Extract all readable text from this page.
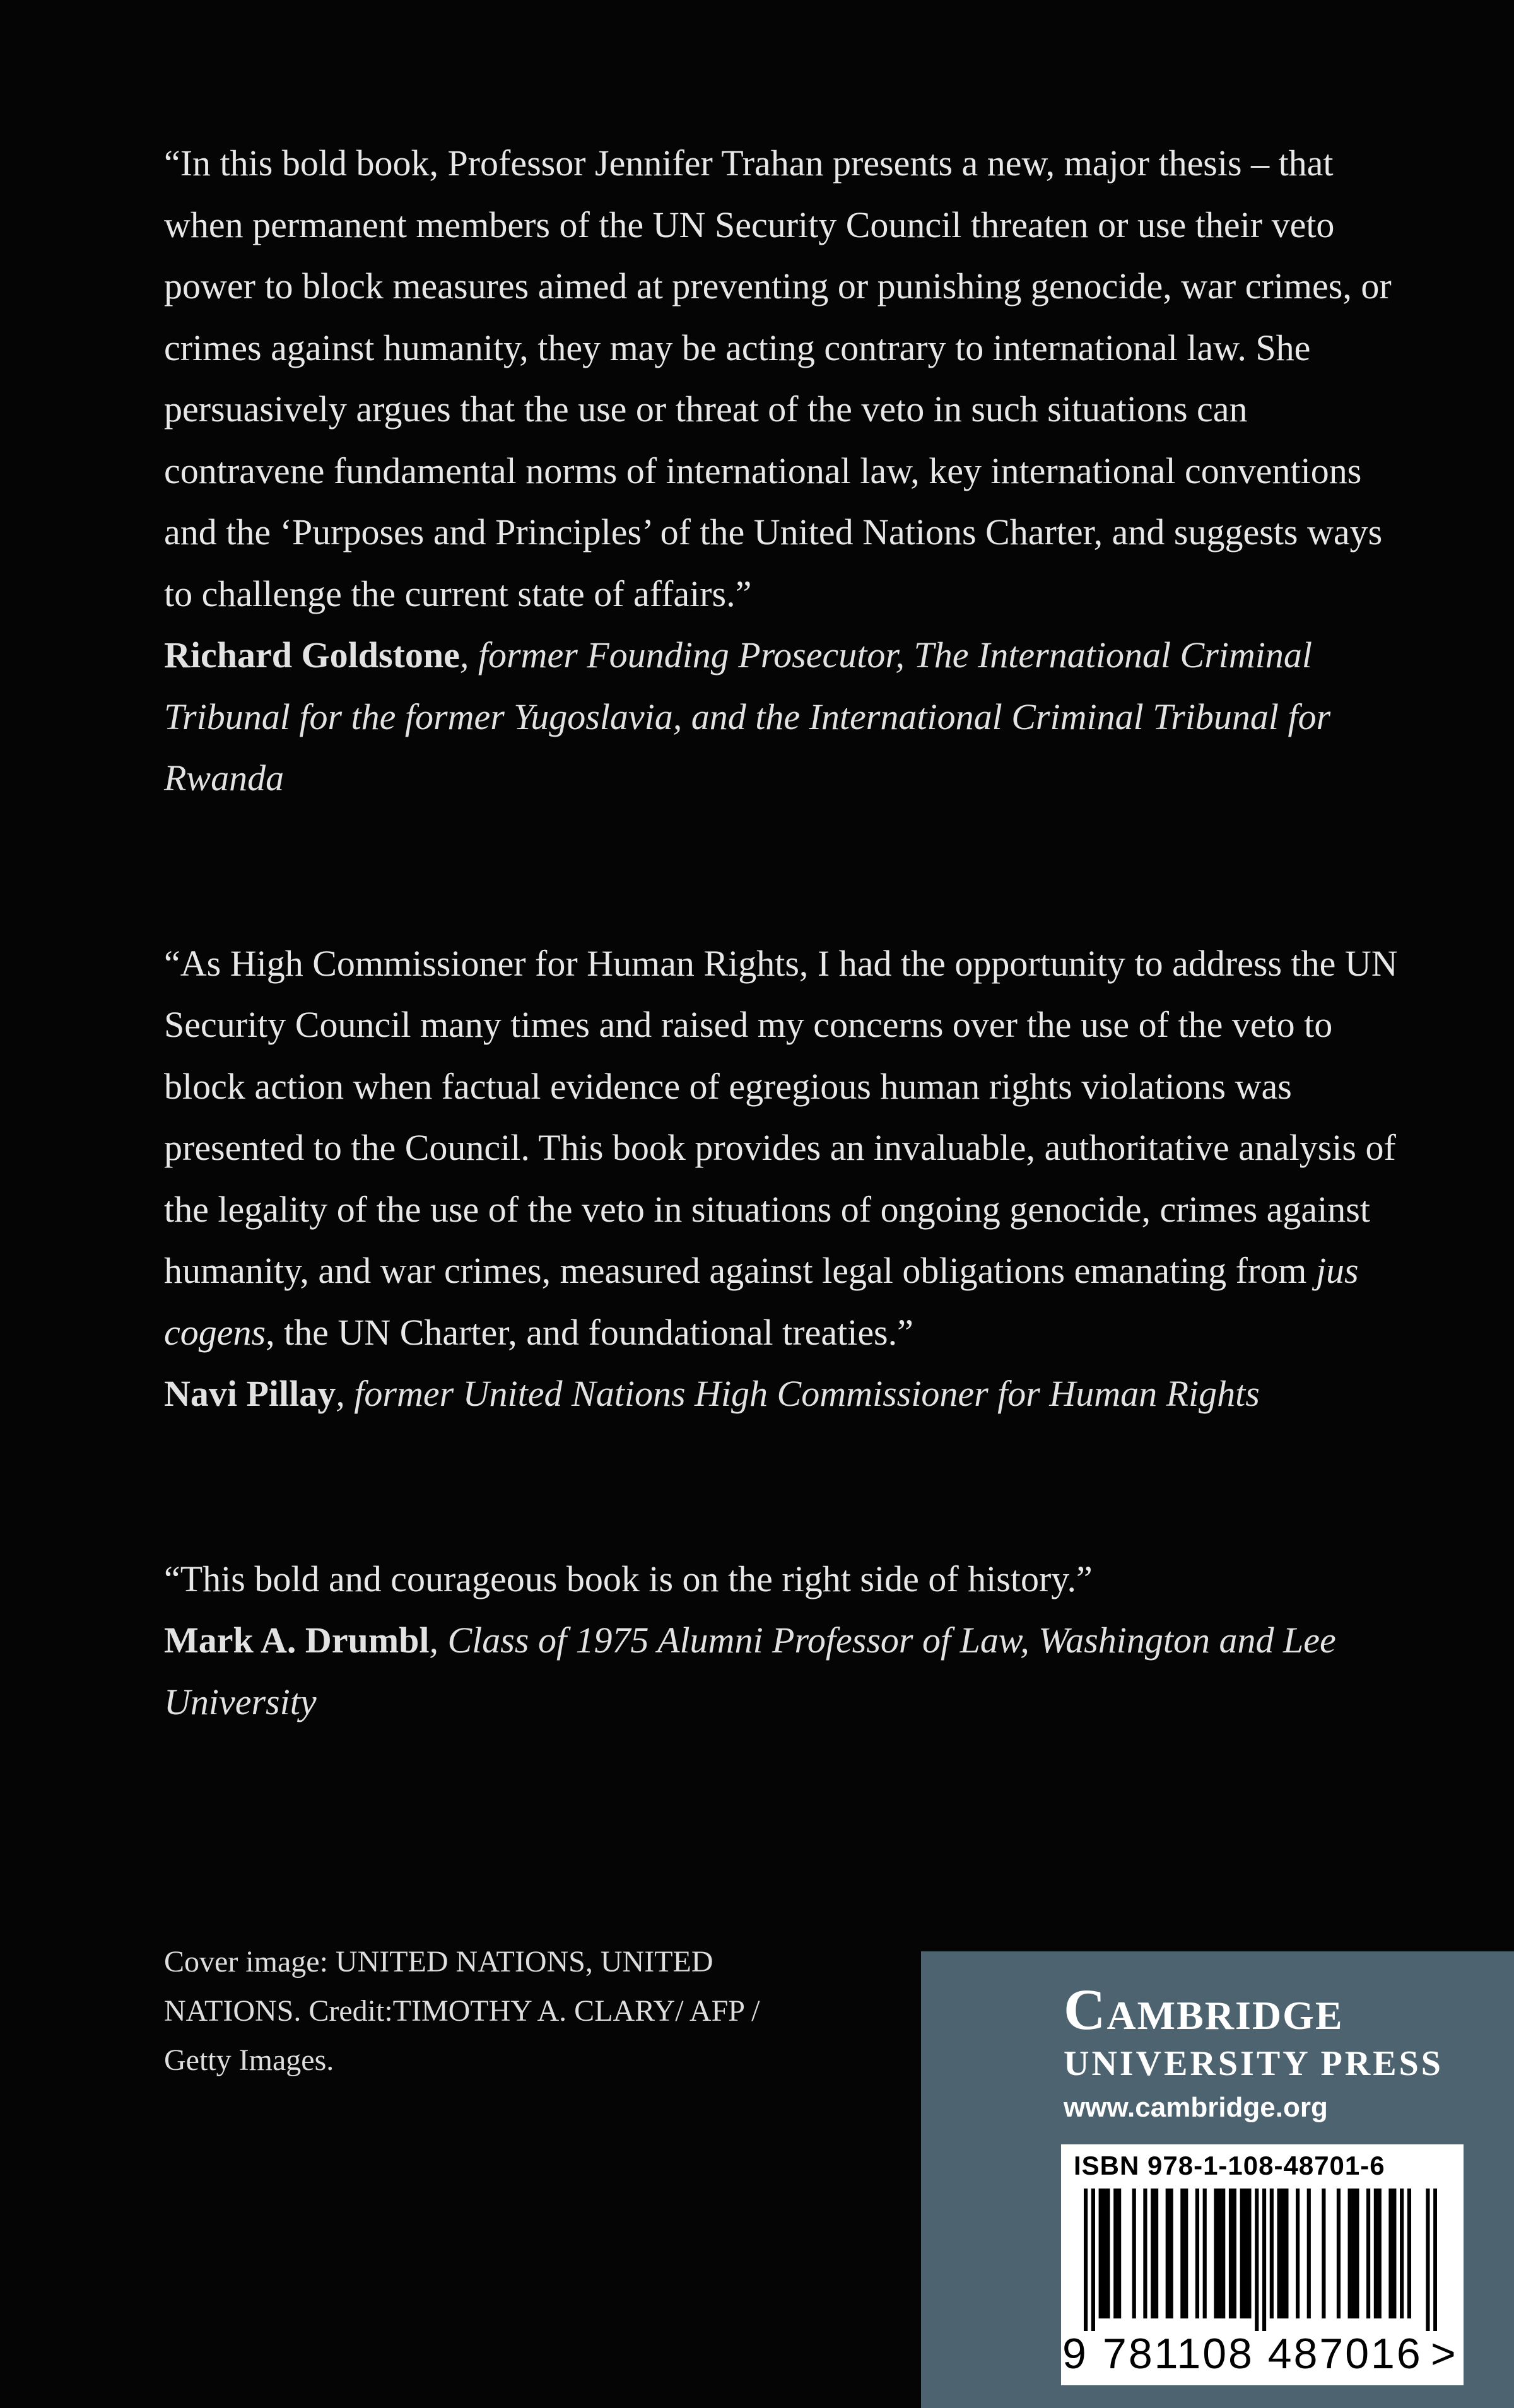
“In this bold book, Professor Jennifer Trahan presents a new, major thesis – that when permanent members of the UN Security Council threaten or use their veto power to block measures aimed at preventing or punishing genocide, war crimes, or crimes against humanity, they may be acting contrary to international law. She persuasively argues that the use or threat of the veto in such situations can contravene fundamental norms of international law, key international conventions and the ‘Purposes and Principles’ of the United Nations Charter, and suggests ways to challenge the current state of affairs.”

Richard Goldstone, former Founding Prosecutor, The International Criminal Tribunal for the former Yugoslavia, and the International Criminal Tribunal for Rwanda

“As High Commissioner for Human Rights, I had the opportunity to address the UN Security Council many times and raised my concerns over the use of the veto to block action when factual evidence of egregious human rights violations was presented to the Council. This book provides an invaluable, authoritative analysis of the legality of the use of the veto in situations of ongoing genocide, crimes against humanity, and war crimes, measured against legal obligations emanating from jus cogens, the UN Charter, and foundational treaties.”

Navi Pillay, former United Nations High Commissioner for Human Rights

“This bold and courageous book is on the right side of history.”

Mark A. Drumbl, Class of 1975 Alumni Professor of Law, Washington and Lee University

Cover image: UNITED NATIONS, UNITED NATIONS. Credit:TIMOTHY A. CLARY/ AFP / Getty Images.

Cambridge

UNIVERSITY PRESS

www.cambridge.org

ISBN 978-1-108-48701-6

9 781108 487016 >
